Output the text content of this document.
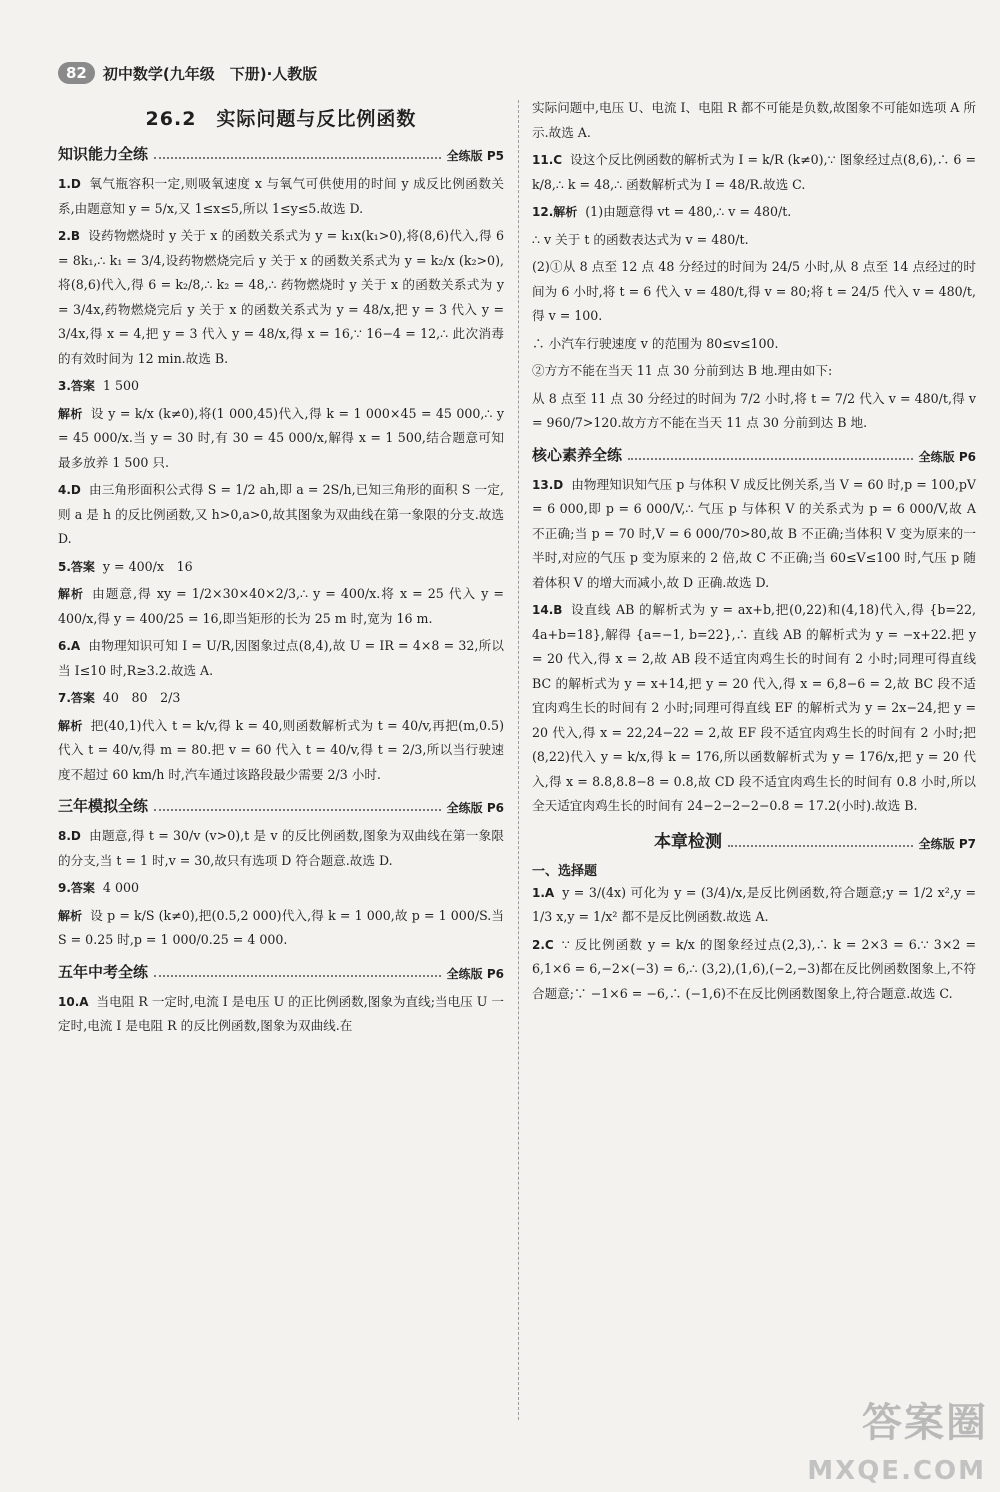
82	初中数学(九年级　下册)·人教版
26.2　实际问题与反比例函数
知识能力全练	全练版 P5
1.D 氧气瓶容积一定,则吸氧速度 x 与氧气可供使用的时间 y 成反比例函数关系,由题意知 y = 5/x,又 1≤x≤5,所以 1≤y≤5.故选 D.
2.B 设药物燃烧时 y 关于 x 的函数关系式为 y = k₁x(k₁>0),将(8,6)代入,得 6 = 8k₁,∴ k₁ = 3/4,设药物燃烧完后 y 关于 x 的函数关系式为 y = k₂/x (k₂>0),将(8,6)代入,得 6 = k₂/8,∴ k₂ = 48,∴ 药物燃烧时 y 关于 x 的函数关系式为 y = 3/4x,药物燃烧完后 y 关于 x 的函数关系式为 y = 48/x,把 y = 3 代入 y = 3/4x,得 x = 4,把 y = 3 代入 y = 48/x,得 x = 16,∵ 16−4 = 12,∴ 此次消毒的有效时间为 12 min.故选 B.
3.答案 1 500
解析 设 y = k/x (k≠0),将(1 000,45)代入,得 k = 1 000×45 = 45 000,∴ y = 45 000/x.当 y = 30 时,有 30 = 45 000/x,解得 x = 1 500,结合题意可知最多放养 1 500 只.
4.D 由三角形面积公式得 S = 1/2 ah,即 a = 2S/h,已知三角形的面积 S 一定,则 a 是 h 的反比例函数,又 h>0,a>0,故其图象为双曲线在第一象限的分支.故选 D.
5.答案 y = 400/x　16
解析 由题意,得 xy = 1/2×30×40×2/3,∴ y = 400/x.将 x = 25 代入 y = 400/x,得 y = 400/25 = 16,即当矩形的长为 25 m 时,宽为 16 m.
6.A 由物理知识可知 I = U/R,因图象过点(8,4),故 U = IR = 4×8 = 32,所以当 I≤10 时,R≥3.2.故选 A.
7.答案 40　80　2/3
解析 把(40,1)代入 t = k/v,得 k = 40,则函数解析式为 t = 40/v,再把(m,0.5)代入 t = 40/v,得 m = 80.把 v = 60 代入 t = 40/v,得 t = 2/3,所以当行驶速度不超过 60 km/h 时,汽车通过该路段最少需要 2/3 小时.
三年模拟全练	全练版 P6
8.D 由题意,得 t = 30/v (v>0),t 是 v 的反比例函数,图象为双曲线在第一象限的分支,当 t = 1 时,v = 30,故只有选项 D 符合题意.故选 D.
9.答案 4 000
解析 设 p = k/S (k≠0),把(0.5,2 000)代入,得 k = 1 000,故 p = 1 000/S.当 S = 0.25 时,p = 1 000/0.25 = 4 000.
五年中考全练	全练版 P6
10.A 当电阻 R 一定时,电流 I 是电压 U 的正比例函数,图象为直线;当电压 U 一定时,电流 I 是电阻 R 的反比例函数,图象为双曲线.在
实际问题中,电压 U、电流 I、电阻 R 都不可能是负数,故图象不可能如选项 A 所示.故选 A.
11.C 设这个反比例函数的解析式为 I = k/R (k≠0),∵ 图象经过点(8,6),∴ 6 = k/8,∴ k = 48,∴ 函数解析式为 I = 48/R.故选 C.
12.解析 (1)由题意得 vt = 480,∴ v = 480/t.
∴ v 关于 t 的函数表达式为 v = 480/t.
(2)①从 8 点至 12 点 48 分经过的时间为 24/5 小时,从 8 点至 14 点经过的时间为 6 小时,将 t = 6 代入 v = 480/t,得 v = 80;将 t = 24/5 代入 v = 480/t,得 v = 100.
∴ 小汽车行驶速度 v 的范围为 80≤v≤100.
②方方不能在当天 11 点 30 分前到达 B 地.理由如下:
从 8 点至 11 点 30 分经过的时间为 7/2 小时,将 t = 7/2 代入 v = 480/t,得 v = 960/7>120.故方方不能在当天 11 点 30 分前到达 B 地.
核心素养全练	全练版 P6
13.D 由物理知识知气压 p 与体积 V 成反比例关系,当 V = 60 时,p = 100,pV = 6 000,即 p = 6 000/V,∴ 气压 p 与体积 V 的关系式为 p = 6 000/V,故 A 不正确;当 p = 70 时,V = 6 000/70>80,故 B 不正确;当体积 V 变为原来的一半时,对应的气压 p 变为原来的 2 倍,故 C 不正确;当 60≤V≤100 时,气压 p 随着体积 V 的增大而减小,故 D 正确.故选 D.
14.B 设直线 AB 的解析式为 y = ax+b,把(0,22)和(4,18)代入,得 {b=22, 4a+b=18},解得 {a=−1, b=22},∴ 直线 AB 的解析式为 y = −x+22.把 y = 20 代入,得 x = 2,故 AB 段不适宜肉鸡生长的时间有 2 小时;同理可得直线 BC 的解析式为 y = x+14,把 y = 20 代入,得 x = 6,8−6 = 2,故 BC 段不适宜肉鸡生长的时间有 2 小时;同理可得直线 EF 的解析式为 y = 2x−24,把 y = 20 代入,得 x = 22,24−22 = 2,故 EF 段不适宜肉鸡生长的时间有 2 小时;把(8,22)代入 y = k/x,得 k = 176,所以函数解析式为 y = 176/x,把 y = 20 代入,得 x = 8.8,8.8−8 = 0.8,故 CD 段不适宜肉鸡生长的时间有 0.8 小时,所以全天适宜肉鸡生长的时间有 24−2−2−2−0.8 = 17.2(小时).故选 B.
本章检测	全练版 P7
一、选择题
1.A y = 3/(4x) 可化为 y = (3/4)/x,是反比例函数,符合题意;y = 1/2 x²,y = 1/3 x,y = 1/x² 都不是反比例函数.故选 A.
2.C ∵ 反比例函数 y = k/x 的图象经过点(2,3),∴ k = 2×3 = 6.∵ 3×2 = 6,1×6 = 6,−2×(−3) = 6,∴ (3,2),(1,6),(−2,−3)都在反比例函数图象上,不符合题意;∵ −1×6 = −6,∴ (−1,6)不在反比例函数图象上,符合题意.故选 C.
答案圈
MXQE.COM
